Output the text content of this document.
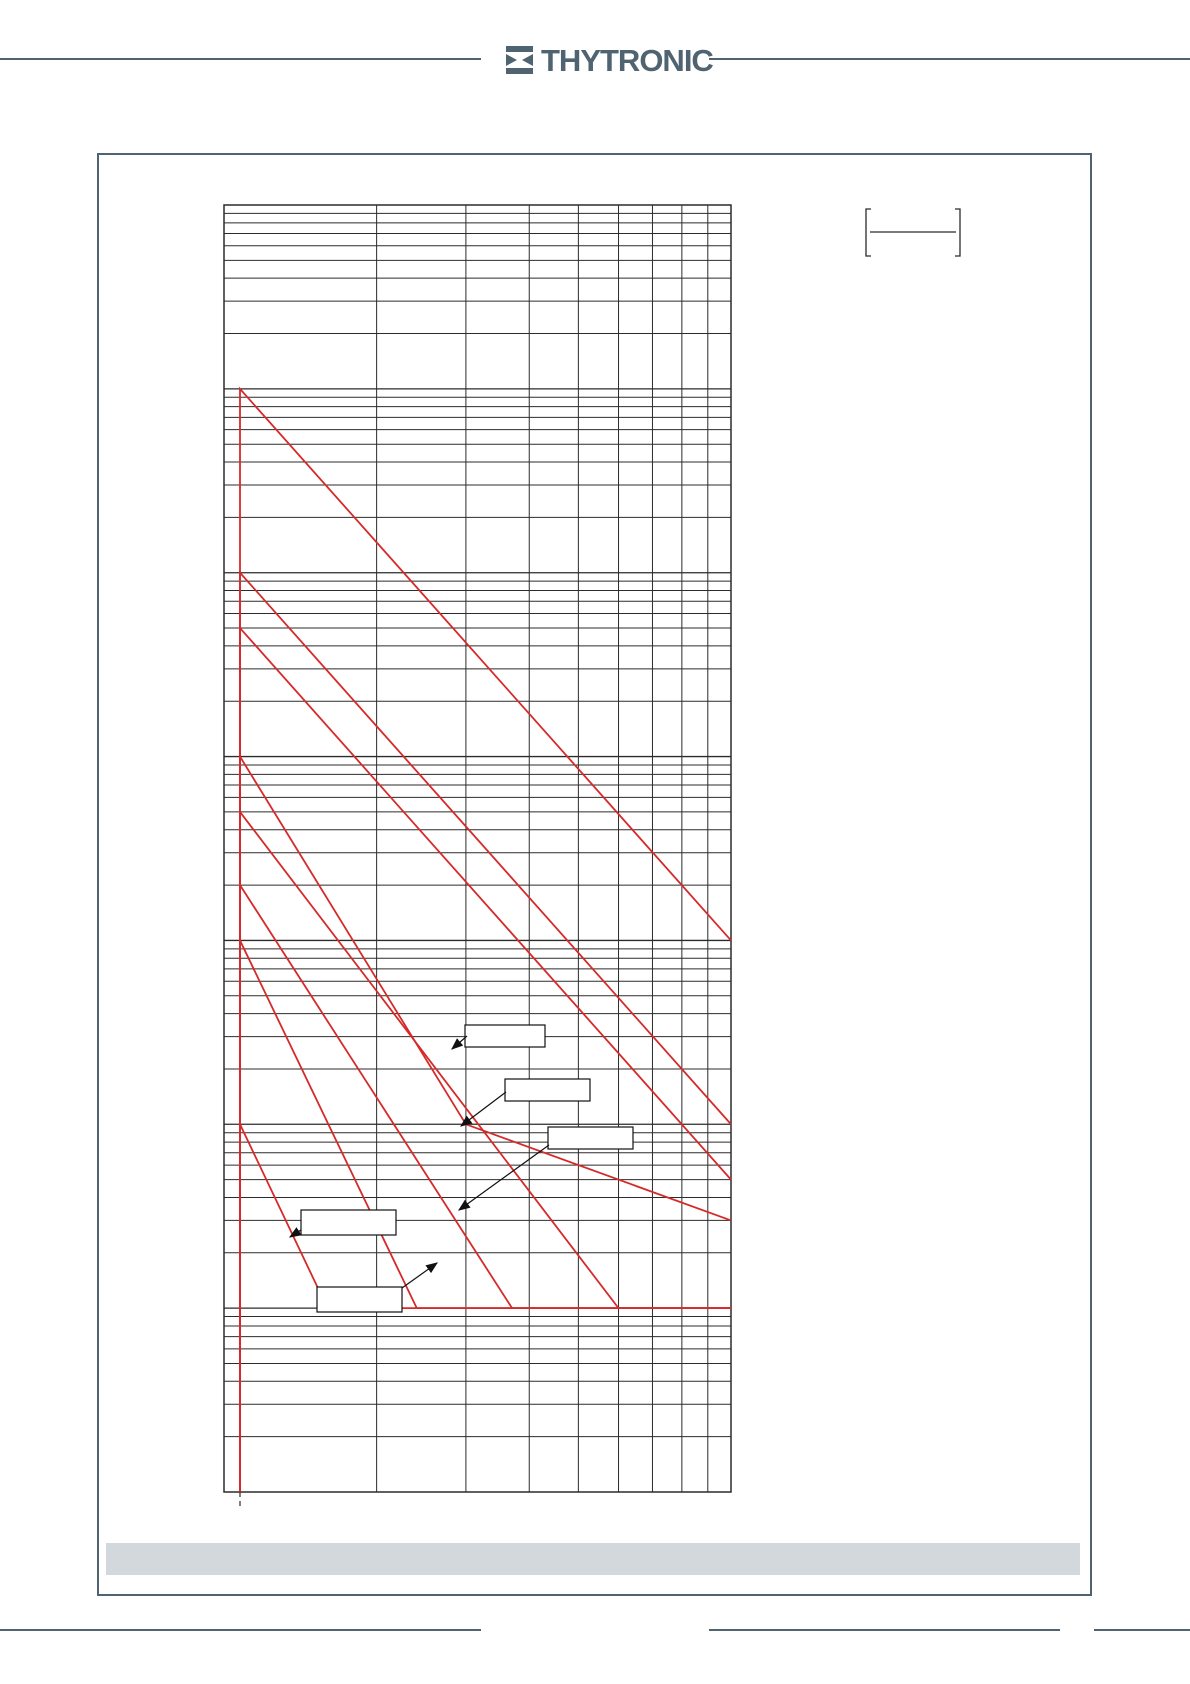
THYTRONIC
